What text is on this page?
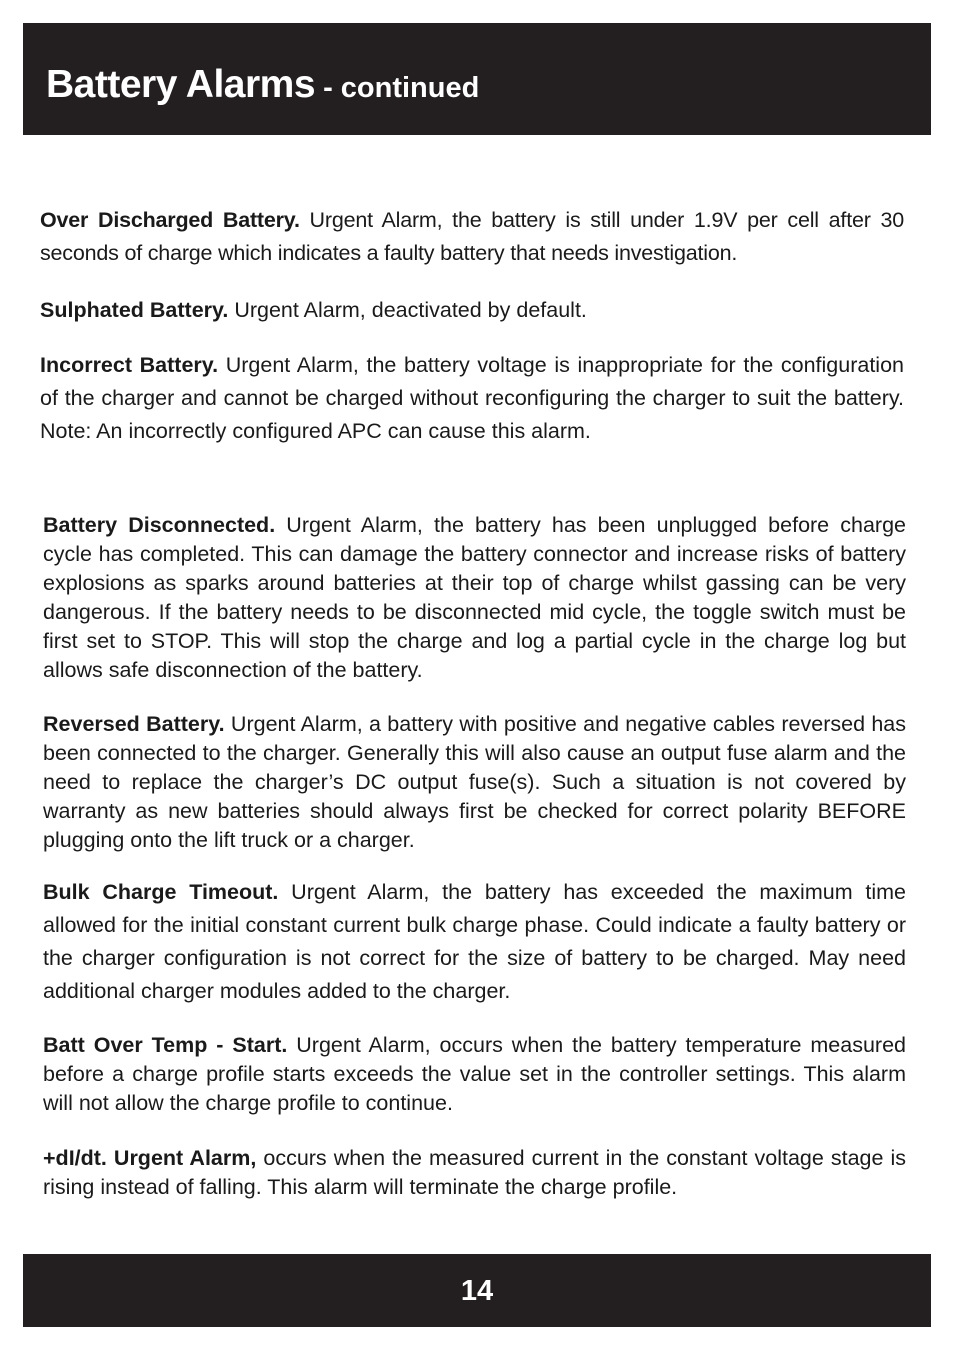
Battery Alarms - continued

Over Discharged Battery. Urgent Alarm, the battery is still under 1.9V per cell after 30 seconds of charge which indicates a faulty battery that needs investigation.

Sulphated Battery. Urgent Alarm, deactivated by default.

Incorrect Battery. Urgent Alarm, the battery voltage is inappropriate for the configuration of the charger and cannot be charged without reconfiguring the charger to suit the battery. Note: An incorrectly configured APC can cause this alarm.

Battery Disconnected. Urgent Alarm, the battery has been unplugged before charge cycle has completed. This can damage the battery connector and increase risks of battery explosions as sparks around batteries at their top of charge whilst gassing can be very dangerous. If the battery needs to be disconnected mid cycle, the toggle switch must be first set to STOP. This will stop the charge and log a partial cycle in the charge log but allows safe disconnection of the battery.

Reversed Battery. Urgent Alarm, a battery with positive and negative cables reversed has been connected to the charger. Generally this will also cause an output fuse alarm and the need to replace the charger’s DC output fuse(s). Such a situation is not covered by warranty as new batteries should always first be checked for correct polarity BEFORE plugging onto the lift truck or a charger.

Bulk Charge Timeout. Urgent Alarm, the battery has exceeded the maximum time allowed for the initial constant current bulk charge phase. Could indicate a faulty battery or the charger configuration is not correct for the size of battery to be charged. May need additional charger modules added to the charger.

Batt Over Temp - Start. Urgent Alarm, occurs when the battery temperature measured before a charge profile starts exceeds the value set in the controller settings. This alarm will not allow the charge profile to continue.

+dI/dt. Urgent Alarm, occurs when the measured current in the constant voltage stage is rising instead of falling. This alarm will terminate the charge profile.

14
